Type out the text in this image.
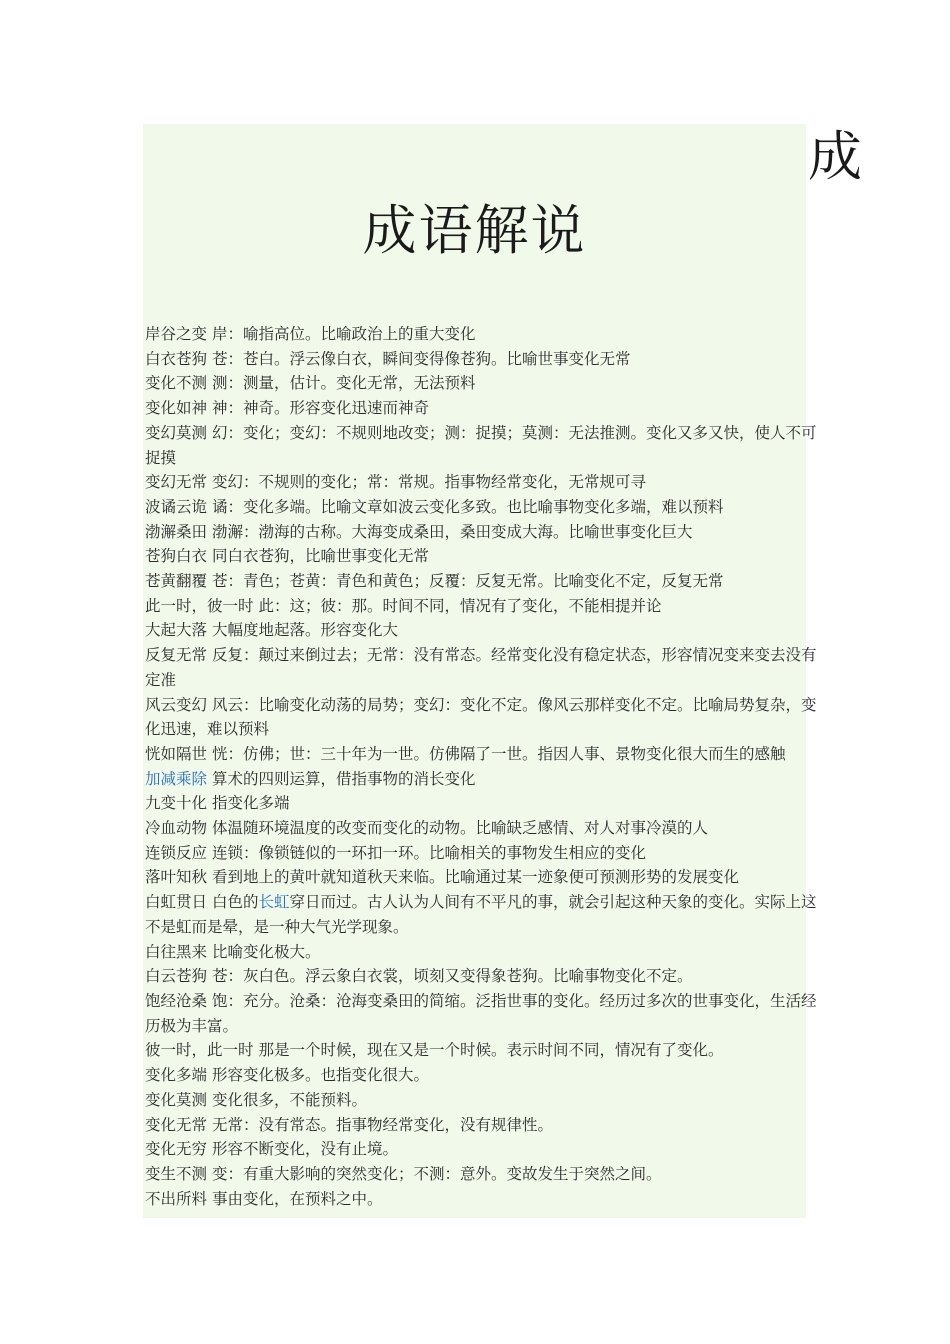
成
成语解说

岸谷之变 岸：喻指高位。比喻政治上的重大变化

白衣苍狗 苍：苍白。浮云像白衣，瞬间变得像苍狗。比喻世事变化无常

变化不测 测：测量，估计。变化无常，无法预料

变化如神 神：神奇。形容变化迅速而神奇

变幻莫测 幻：变化；变幻：不规则地改变；测：捉摸；莫测：无法推测。变化又多又快，使人不可捉摸

变幻无常 变幻：不规则的变化；常：常规。指事物经常变化，无常规可寻

波谲云诡 谲：变化多端。比喻文章如波云变化多致。也比喻事物变化多端，难以预料

渤澥桑田 渤澥：渤海的古称。大海变成桑田，桑田变成大海。比喻世事变化巨大

苍狗白衣 同白衣苍狗，比喻世事变化无常

苍黄翻覆 苍：青色；苍黄：青色和黄色；反覆：反复无常。比喻变化不定，反复无常

此一时，彼一时 此：这；彼：那。时间不同，情况有了变化，不能相提并论

大起大落 大幅度地起落。形容变化大

反复无常 反复：颠过来倒过去；无常：没有常态。经常变化没有稳定状态，形容情况变来变去没有定准

风云变幻 风云：比喻变化动荡的局势；变幻：变化不定。像风云那样变化不定。比喻局势复杂，变化迅速，难以预料

恍如隔世 恍：仿佛；世：三十年为一世。仿佛隔了一世。指因人事、景物变化很大而生的感触

加减乘除 算术的四则运算，借指事物的消长变化

九变十化 指变化多端

冷血动物 体温随环境温度的改变而变化的动物。比喻缺乏感情、对人对事冷漠的人

连锁反应 连锁：像锁链似的一环扣一环。比喻相关的事物发生相应的变化

落叶知秋 看到地上的黄叶就知道秋天来临。比喻通过某一迹象便可预测形势的发展变化

白虹贯日 白色的长虹穿日而过。古人认为人间有不平凡的事，就会引起这种天象的变化。实际上这不是虹而是晕，是一种大气光学现象。

白往黑来 比喻变化极大。

白云苍狗 苍：灰白色。浮云象白衣裳，顷刻又变得象苍狗。比喻事物变化不定。

饱经沧桑 饱：充分。沧桑：沧海变桑田的简缩。泛指世事的变化。经历过多次的世事变化，生活经历极为丰富。

彼一时，此一时 那是一个时候，现在又是一个时候。表示时间不同，情况有了变化。

变化多端 形容变化极多。也指变化很大。

变化莫测 变化很多，不能预料。

变化无常 无常：没有常态。指事物经常变化，没有规律性。

变化无穷 形容不断变化，没有止境。

变生不测 变：有重大影响的突然变化；不测：意外。变故发生于突然之间。

不出所料 事由变化，在预料之中。
